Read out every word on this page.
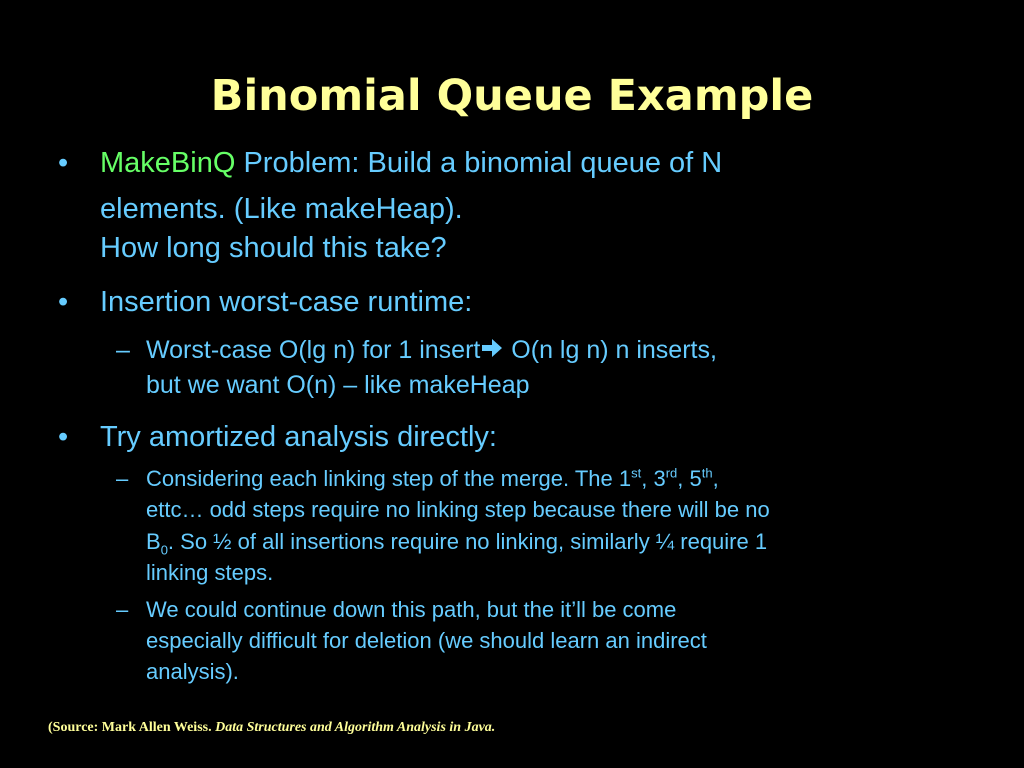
Binomial Queue Example
•	MakeBinQ Problem: Build a binomial queue of N
elements. (Like makeHeap).
How long should this take?
•	Insertion worst-case runtime:
– Worst-case O(lg n) for 1 insert O(n lg n) n inserts,
but we want O(n) – like makeHeap
•	Try amortized analysis directly:
– Considering each linking step of the merge. The 1st, 3rd, 5th,
ettc… odd steps require no linking step because there will be no
$B_0$. So ½ of all insertions require no linking, similarly ¼ require 1
linking steps.
– We could continue down this path, but the it’ll be come
especially difficult for deletion (we should learn an indirect
analysis).
(Source: Mark Allen Weiss. Data Structures and Algorithm Analysis in Java.
